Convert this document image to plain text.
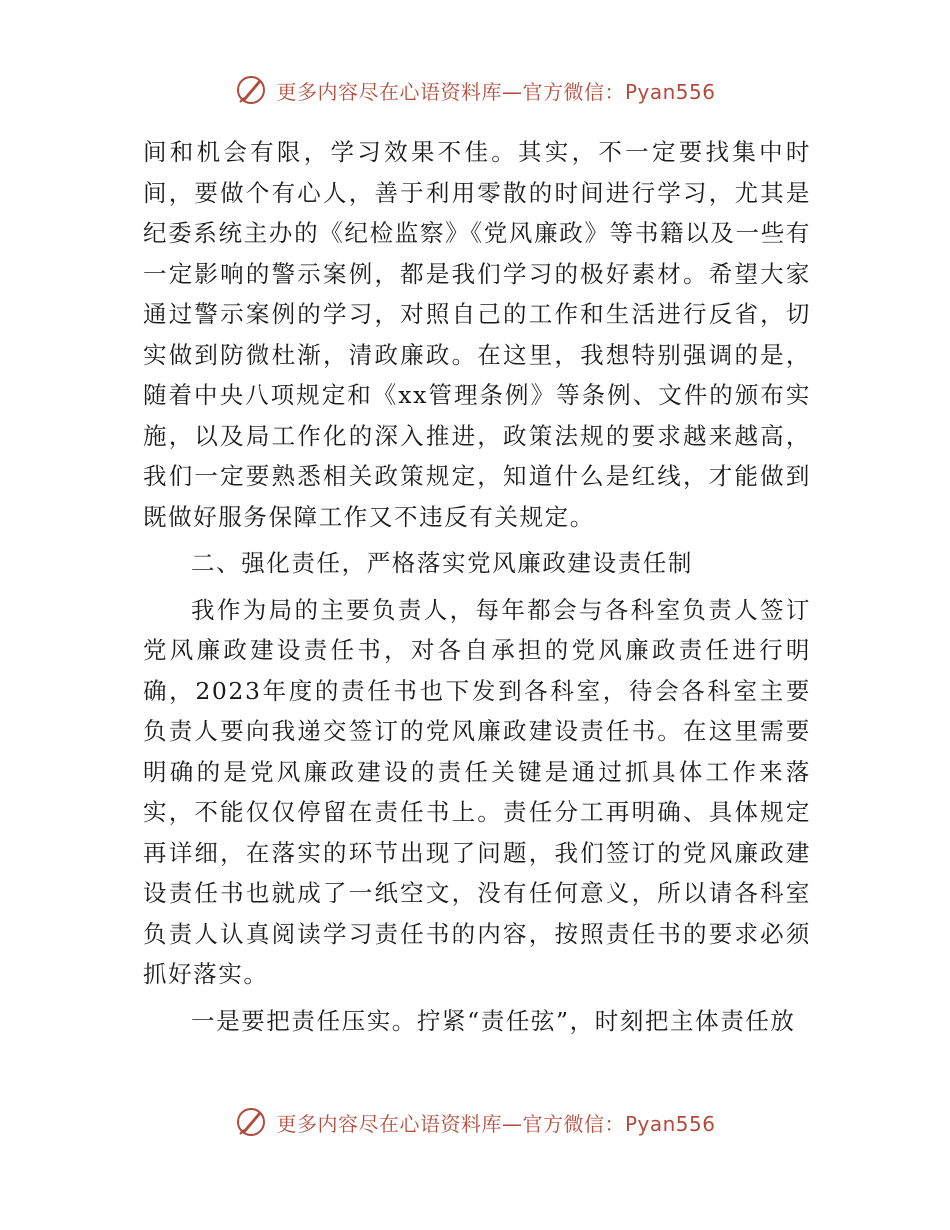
更多内容尽在心语资料库—官方微信：Pyan556

间和机会有限，学习效果不佳。其实，不一定要找集中时间，要做个有心人，善于利用零散的时间进行学习，尤其是纪委系统主办的《纪检监察》《党风廉政》等书籍以及一些有一定影响的警示案例，都是我们学习的极好素材。希望大家通过警示案例的学习，对照自己的工作和生活进行反省，切实做到防微杜渐，清政廉政。在这里，我想特别强调的是，随着中央八项规定和《xx管理条例》等条例、文件的颁布实施，以及局工作化的深入推进，政策法规的要求越来越高，我们一定要熟悉相关政策规定，知道什么是红线，才能做到既做好服务保障工作又不违反有关规定。

二、强化责任，严格落实党风廉政建设责任制

我作为局的主要负责人，每年都会与各科室负责人签订党风廉政建设责任书，对各自承担的党风廉政责任进行明确，2023年度的责任书也下发到各科室，待会各科室主要负责人要向我递交签订的党风廉政建设责任书。在这里需要明确的是党风廉政建设的责任关键是通过抓具体工作来落实，不能仅仅停留在责任书上。责任分工再明确、具体规定再详细，在落实的环节出现了问题，我们签订的党风廉政建设责任书也就成了一纸空文，没有任何意义，所以请各科室负责人认真阅读学习责任书的内容，按照责任书的要求必须抓好落实。

一是要把责任压实。拧紧“责任弦”，时刻把主体责任放

更多内容尽在心语资料库—官方微信：Pyan556
